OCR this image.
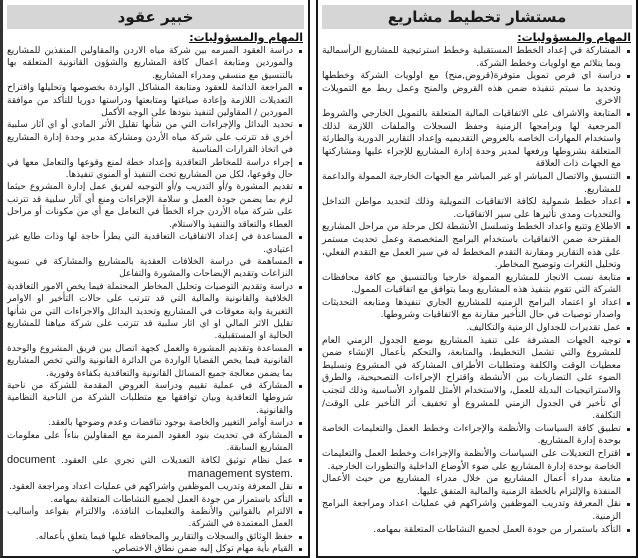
مستشار تخطيط مشاريع
المهام والمسؤوليات:
المشاركة في إعداد الخطط المستقبلية وخطط استرتيجية للمشاريع الرأسمالية وبما يتلائم مع اولويات وخطط الشركة.
دراسة اي فرص تمويل متوفرة(قروض,منح) مع اولويات الشركة وخططها وتحديد ما سيتم تنفيذه ضمن هذه القروض والمنح وعمل ربط مع التمويلات الاخرى
المتابعة والاشراف على الاتفاقيات المالية المتعلقة بالتمويل الخارجي والشروط المرجعية لها وبرامجها الزمنية وحفظ السجلات والملفات اللازمة لذلك واستخدام المهارات الخاصه بالعروض التقديميه وإعداد التقارير الدورية والطارئة المتعلقة بشروطها ورفعها لمدير وحدة إدارة المشاريع للإجراء عليها ومشاركتها مع الجهات ذات العلاقة
التنسيق والاتصال المباشر او غير المباشر مع الجهات الخارجية الممولة والداعمة للمشاريع.
اعداد خطط شمولية لكافة الاتفاقيات التمويلية وذلك لتحديد مواطن التداخل والتحديات ومدى تأثيرها على سير الاتفاقيات.
الاطلاع وتتبع واعداد الخطط وتسلسل الأنشطة لكل مرحلة من مراحل المشاريع المقترحة ضمن الاتفاقيات باستخدام البرامج المتخصصة وعمل تحديث مستمر على هذه التقارير ومقارنة التقدم المخطط له في سير العمل مع التقدم الفعلي، وتحليل الثغرات وتوضيح المخاطر.
متابعة نسب الانجاز للمشاريع الممولة خارجيا وبالتنسيق مع كافة محافظات الشركة التي تقوم بتنفيذ هذه المشاريع وبما يتوافق مع اتفاقيات الممول.
اعداد او اعتماد البرامج الزمنيه للمشاريع الجاري تنفيذها ومتابعه التحديثات واصدار توصيات في حال التأخير مقارنة مع الاتفاقيات وشروطها.
عمل تقديرات للجداول الزمنية والتكاليف.
توجيه الجهات المشرفة على تنفيذ المشاريع بوضع الجدول الزمني العام للمشروع والتي تشمل التخطيط، والمتابعة، والتحكم بأعمال الإنشاء ضمن معطيات الوقت والكلفة ومتطلبات الأطراف المشاركة في المشروع وتسليط الضوء على التضاربات بين الأنشطة واقتراح الإجراءات التصحيحية، والطرق والاستراتيجيات البديلة للعمل، والاستخدام الأمثل للموارد الأساسية وذلك لتجنب أي تأخير في الجدول الزمني للمشروع أو تخفيف أثر التأخير على الوقت/ التكلفة.
تطبيق كافة السياسات والأنظمة والإجراءات وخطط العمل والتعليمات الخاصة بوحدة إدارة المشاريع.
اقتراح التعديلات على السياسات والأنظمة والإجراءات وخطط العمل والتعليمات الخاصة بوحدة إدارة المشاريع على ضوء الأوضاع الداخلية والتطورات الخارجية.
متابعة مدراء أعمال المشاريع من خلال مدراء المشاريع من حيث الأعمال المنفذة والإلتزام بالخطة الزمنية والمالية المتفق عليها.
نقل المعرفة وتدريب الموظفين واشراكهم في عمليات اعداد ومراجعة البرامج الزمنية.
التأكد باستمرار من جودة العمل لجميع النشاطات المتعلقة بمهامه.
خبير عقود
المهام والمسؤوليات:
دراسة العقود المبرمه بين شركة مياه الاردن والمقاولين المنفذين للمشاريع والموردين ومتابعة اعمال كافة المشاريع والشؤون القانونية المتعلقه بها بالتنسيق مع منسقي ومدراء المشاريع.
المراجعة الدائمة للعقود ومتابعة المشاكل الواردة بخصوصها وتحليلها واقتراح التعديلات اللازمة وإعادة صياغتها ومتابعتها ودراستها دوريا للتأكد من موافقة الموردين / المقاولين لتنفيذ بنودها على الوجه الأكمل
تحديد البدائل والإجراءات التي من شأنها تقليل الأثر المادي أو اي آثار سلبية أخرى قد تترتب على شركة مياه الأردن ومشاركة مدير وحدة إدارة المشاريع في اتخاذ القرارات المناسبة
إجراء دراسة للمخاطر التعاقدية وإعداد خطة لمنع وقوعها والتعامل معها في حال وقوعها، لكل من المشاريع تحت التنفيذ أو المنوي تنفيذها.
تقديم المشورة و/أو التدريب و/أو التوجيه لفريق عمل إدارة المشروع حيثما لزم بما يضمن جودة العمل و سلامة الإجراءات ومنع أي آثار سلبية قد تترتب على شركة مياه الأردن جراء الخطأ في التعامل مع أي من مكونات أو مراحل العطاء والتعاقد والتنفيذ والاستلام.
المساعدة في إعداد الاتفاقيات التعاقدية التي يطرأ حاجة لها وذات طابع غير اعتيادي.
المساهمة في دراسة الخلافات العقدية بالمشاريع والمشاركة في تسوية النزاعات وتقديم الإيضاحات والمشورة والتفاعل
دراسة وتقديم التوصيات وتحليل المخاطر المحتملة فيما يخص الامور التعاقدية الخلافية والقانونية والمالية التي قد تترتب على حالات التأخير او الاوامر التغيرية واية معوقات في المشاريع وتحديد البدائل والاجراءات التي من شأنها تقليل الاثر المالي او اي اثار سلبية قد تترتب على شركة مياهنا للمشاريع الحالية او المستقبلية.
المساعدة وتقديم المشورة والعمل كجهة اتصال بين فريق المشروع والوحدة القانونية فيما يخص القضايا الواردة من الدائرة القانونية والتي تخص المشاريع بما يضمن معالجة جميع المسائل القانونية والتعاقدية بكفاءة وفورية.
المشاركة في عملية تقييم ودراسة العروض المقدمة للشركة من ناحية شروطها التعاقدية وبيان توافقها مع متطلبات الشركة من الناحية النظامية والقانونية.
دراسة أوامر التغيير والخاصة بوجود تناقضات وعدم وضوحها بالعقد.
المشاركة في تحديث بنود العقود المبرمة مع المقاولين بناءاً على معلومات المشاريع السابقة.
عمل نظام توثيق لكافة التعديلات التي تجري على العقود. document management system.
نقل المعرفة وتدريب الموظفين واشراكهم في عمليات اعداد ومراجعة العقود.
التأكد باستمرار من جودة العمل لجميع النشاطات المتعلقة بمهامه.
الالتزام بالقوانين والأنظمة والتعليمات النافذة، والالتزام بقواعد وأساليب العمل المعتمدة في الشركة.
حفظ الوثائق والسجلات والتقارير والمحافظه عليها فيما يتعلق بأعماله.
القيام بأية مهام توكل إليه ضمن نطاق الاختصاص.
